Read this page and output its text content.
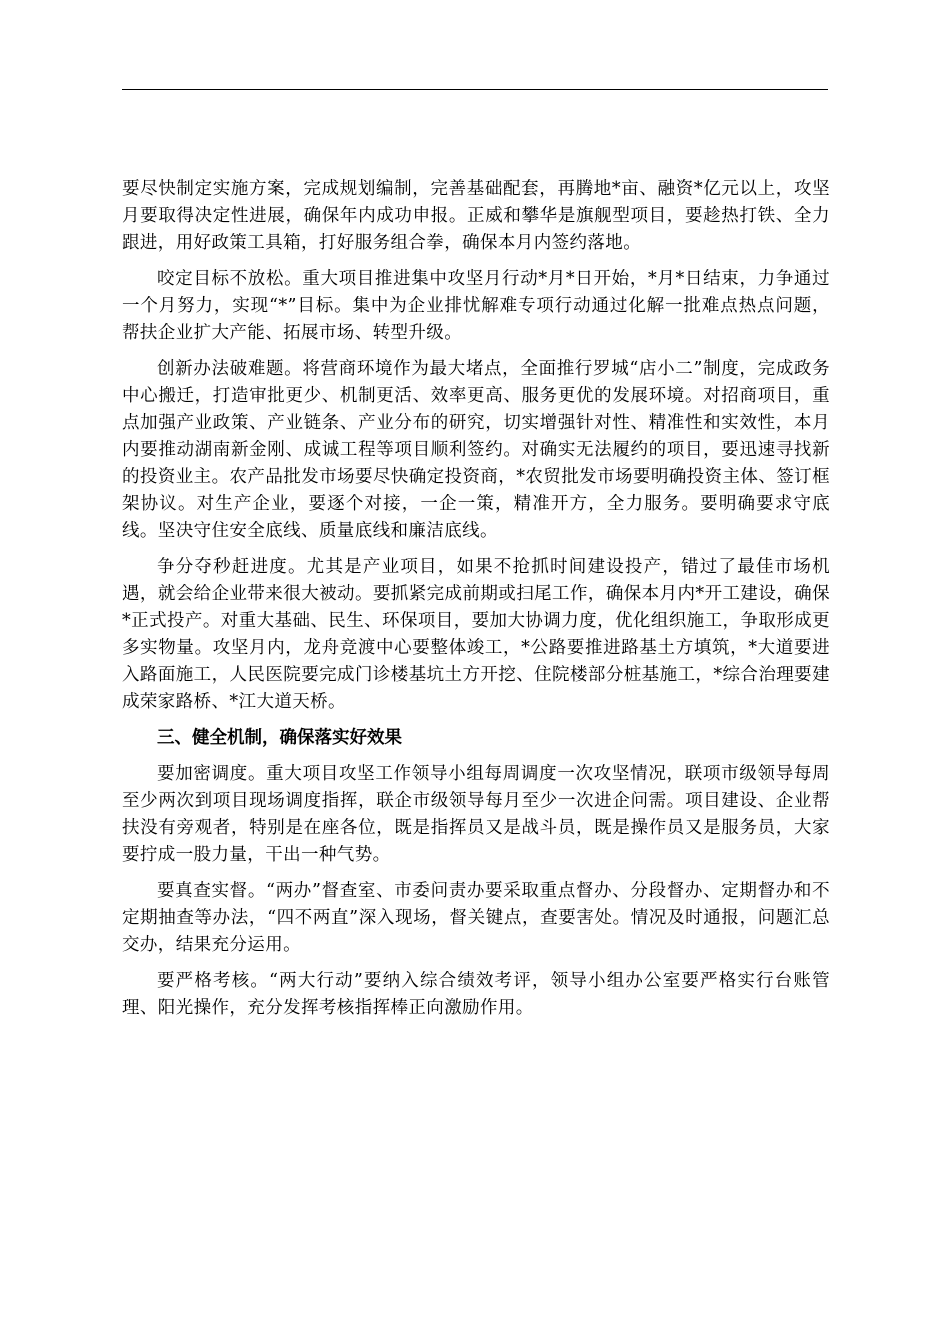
要尽快制定实施方案，完成规划编制，完善基础配套，再腾地*亩、融资*亿元以上，攻坚月要取得决定性进展，确保年内成功申报。正威和攀华是旗舰型项目，要趁热打铁、全力跟进，用好政策工具箱，打好服务组合拳，确保本月内签约落地。

咬定目标不放松。重大项目推进集中攻坚月行动*月*日开始，*月*日结束，力争通过一个月努力，实现“*”目标。集中为企业排忧解难专项行动通过化解一批难点热点问题，帮扶企业扩大产能、拓展市场、转型升级。

创新办法破难题。将营商环境作为最大堵点，全面推行罗城“店小二”制度，完成政务中心搬迁，打造审批更少、机制更活、效率更高、服务更优的发展环境。对招商项目，重点加强产业政策、产业链条、产业分布的研究，切实增强针对性、精准性和实效性，本月内要推动湖南新金刚、成诚工程等项目顺利签约。对确实无法履约的项目，要迅速寻找新的投资业主。农产品批发市场要尽快确定投资商，*农贸批发市场要明确投资主体、签订框架协议。对生产企业，要逐个对接，一企一策，精准开方，全力服务。要明确要求守底线。坚决守住安全底线、质量底线和廉洁底线。

争分夺秒赶进度。尤其是产业项目，如果不抢抓时间建设投产，错过了最佳市场机遇，就会给企业带来很大被动。要抓紧完成前期或扫尾工作，确保本月内*开工建设，确保*正式投产。对重大基础、民生、环保项目，要加大协调力度，优化组织施工，争取形成更多实物量。攻坚月内，龙舟竞渡中心要整体竣工，*公路要推进路基土方填筑，*大道要进入路面施工，人民医院要完成门诊楼基坑土方开挖、住院楼部分桩基施工，*综合治理要建成荣家路桥、*江大道天桥。

三、健全机制，确保落实好效果

要加密调度。重大项目攻坚工作领导小组每周调度一次攻坚情况，联项市级领导每周至少两次到项目现场调度指挥，联企市级领导每月至少一次进企问需。项目建设、企业帮扶没有旁观者，特别是在座各位，既是指挥员又是战斗员，既是操作员又是服务员，大家要拧成一股力量，干出一种气势。

要真查实督。“两办”督查室、市委问责办要采取重点督办、分段督办、定期督办和不定期抽查等办法，“四不两直”深入现场，督关键点，查要害处。情况及时通报，问题汇总交办，结果充分运用。

要严格考核。“两大行动”要纳入综合绩效考评，领导小组办公室要严格实行台账管理、阳光操作，充分发挥考核指挥棒正向激励作用。
